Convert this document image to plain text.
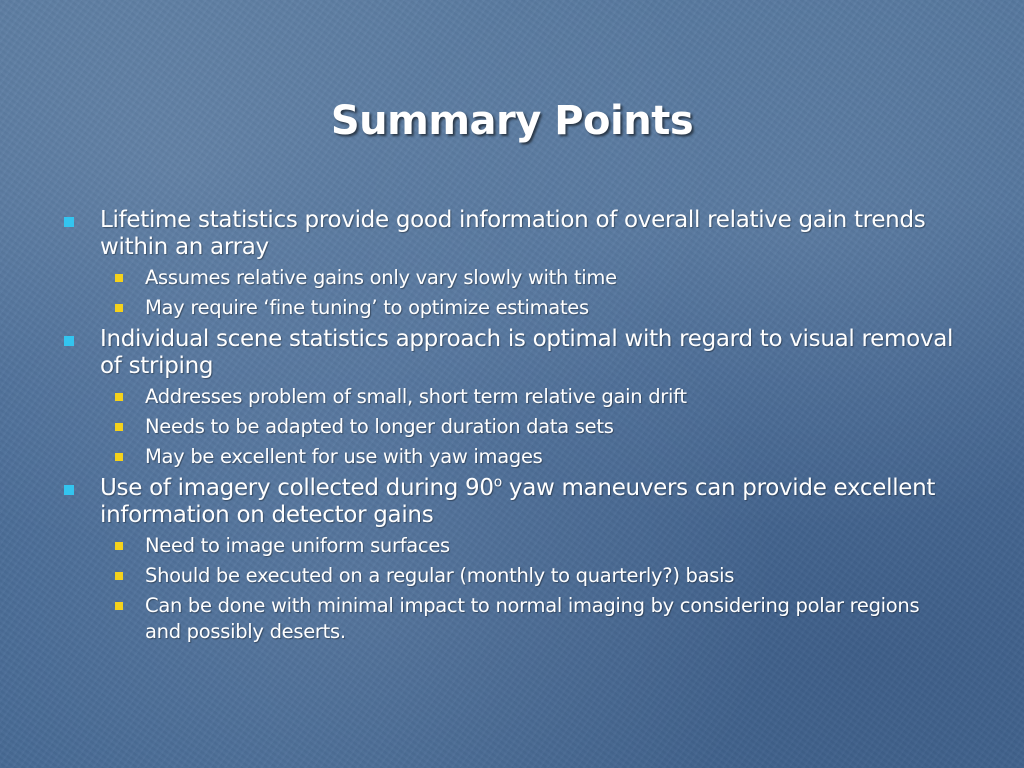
Summary Points
Lifetime statistics provide good information of overall relative gain trends within an array
Assumes relative gains only vary slowly with time
May require ‘fine tuning’ to optimize estimates
Individual scene statistics approach is optimal with regard to visual removal of striping
Addresses problem of small, short term relative gain drift
Needs to be adapted to longer duration data sets
May be excellent for use with yaw images
Use of imagery collected during 90$^o$ yaw maneuvers can provide excellent information on detector gains
Need to image uniform surfaces
Should be executed on a regular (monthly to quarterly?) basis
Can be done with minimal impact to normal imaging by considering polar regions and possibly deserts.
